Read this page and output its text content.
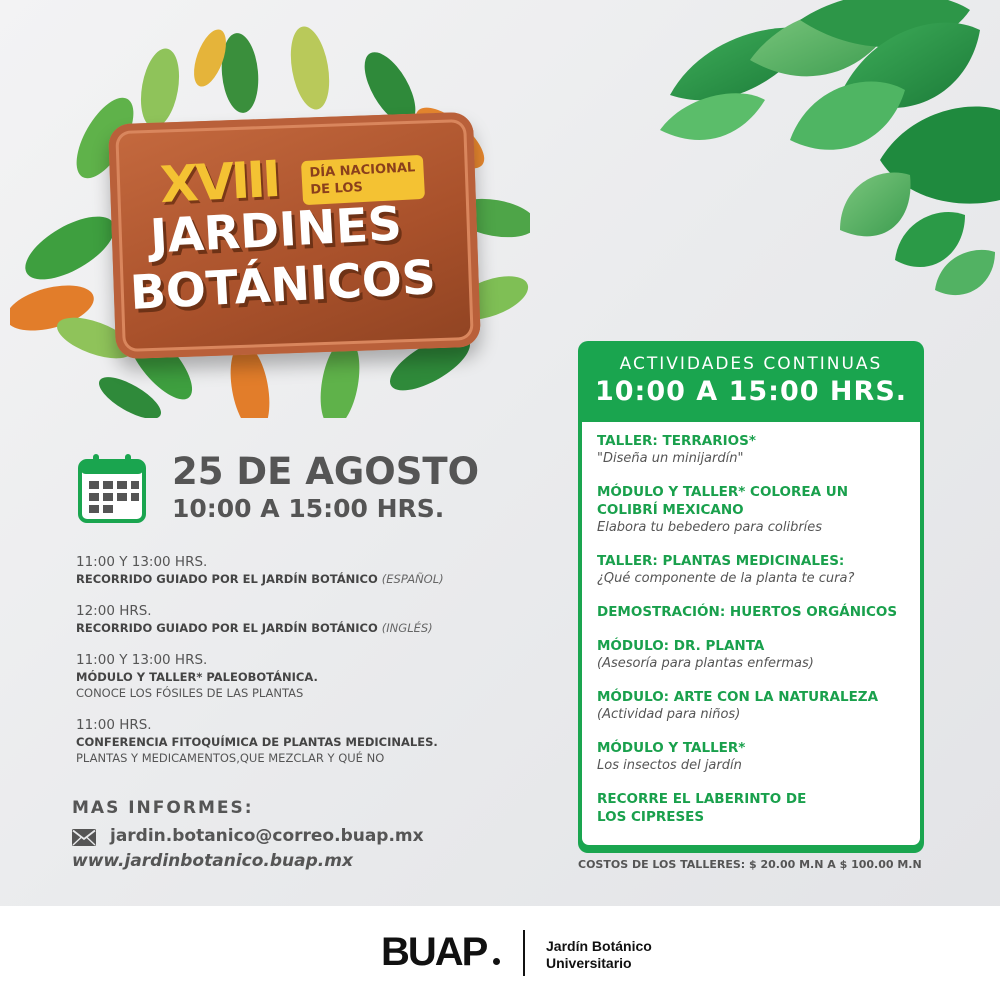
XVIII DÍA NACIONAL
DE LOS
JARDINES
BOTÁNICOS
25 DE AGOSTO
10:00 A 15:00 HRS.
11:00 Y 13:00 HRS.
RECORRIDO GUIADO POR EL JARDÍN BOTÁNICO (ESPAÑOL)
12:00 HRS.
RECORRIDO GUIADO POR EL JARDÍN BOTÁNICO (INGLÉS)
11:00 Y 13:00 HRS.
MÓDULO Y TALLER* PALEOBOTÁNICA.
CONOCE LOS FÓSILES DE LAS PLANTAS
11:00 HRS.
CONFERENCIA FITOQUÍMICA DE PLANTAS MEDICINALES.
PLANTAS Y MEDICAMENTOS,QUE MEZCLAR Y QUÉ NO
MAS INFORMES:
jardin.botanico@correo.buap.mx
www.jardinbotanico.buap.mx
ACTIVIDADES CONTINUAS
10:00 A 15:00 HRS.
TALLER: TERRARIOS*
"Diseña un minijardín"
MÓDULO Y TALLER* COLOREA UN COLIBRÍ MEXICANO
Elabora tu bebedero para colibríes
TALLER: PLANTAS MEDICINALES:
¿Qué componente de la planta te cura?
DEMOSTRACIÓN: HUERTOS ORGÁNICOS
MÓDULO: DR. PLANTA
(Asesoría para plantas enfermas)
MÓDULO: ARTE CON LA NATURALEZA
(Actividad para niños)
MÓDULO Y TALLER*
Los insectos del jardín
RECORRE EL LABERINTO DE LOS CIPRESES
COSTOS DE LOS TALLERES: $ 20.00 M.N A $ 100.00 M.N
BUAP	Jardín Botánico
Universitario
